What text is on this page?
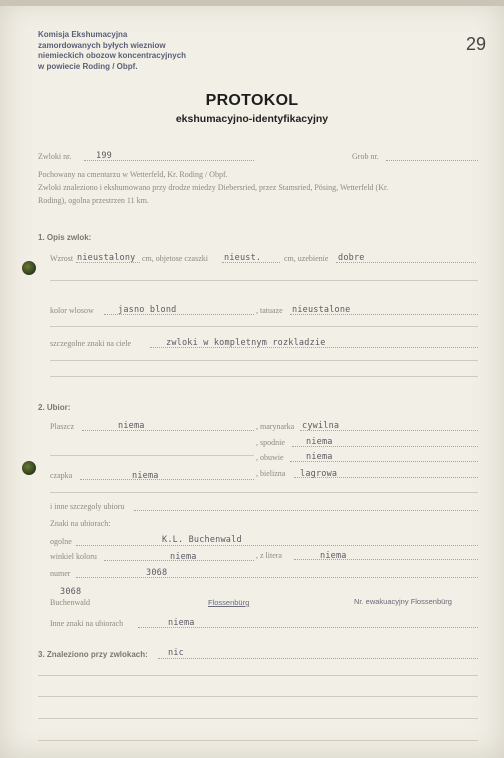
Komisja Ekshumacyjna
zamordowanych byłych wiezniow
niemieckich obozow koncentracyjnych
w powiecie Roding / Obpf.
29
PROTOKOL
ekshumacyjno-identyfikacyjny
Zwloki nr.	199	Grob nr.
Pochowany na cmentarzu w Wetterfeld, Kr. Roding / Obpf.
Zwloki znaleziono i ekshumowano przy drodze miedzy Diebersried, przez Stamsried, Pösing, Wetterfeld (Kr.
Roding), ogolna przestrzen 11 km.
1. Opis zwlok:
Wzrost nieustalony cm, objetose czaszki nieust.	cm, uzebienie dobre
kolor wlosow	jasno blond	, tatuaze nieustalone
szczegolne znaki na ciele	zwloki w kompletnym rozkladzie
2. Ubior:
Plaszcz	niema	, marynarka cywilna
, spodnie niema
, obuwie	niema
czapka	niema	, bielizna lagrowa
i inne szczegoly ubioru
Znaki na ubiorach:
ogolne	K.L. Buchenwald
winkiel koloru	niema	, z litera	niema
numer	3068
3068
Buchenwald	Flossenbürg	Nr. ewakuacyjny Flossenbürg
Inne znaki na ubiorach	niema
3. Znaleziono przy zwlokach: nic
